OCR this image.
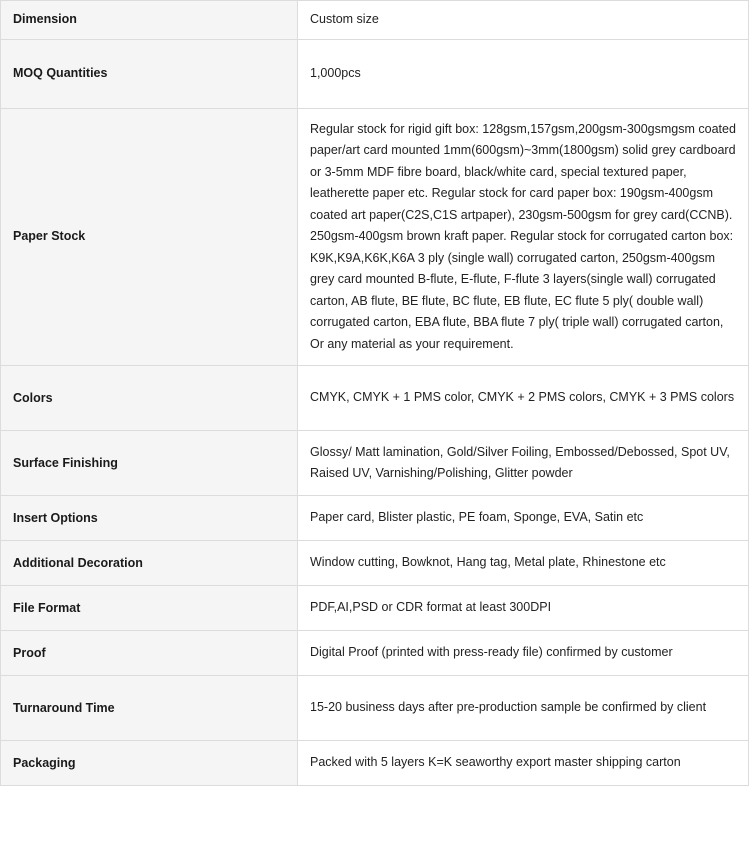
Dimension	Custom size
MOQ Quantities	1,000pcs
Paper Stock	Regular stock for rigid gift box: 128gsm,157gsm,200gsm-300gsmgsm coated paper/art card mounted 1mm(600gsm)~3mm(1800gsm) solid grey cardboard or 3-5mm MDF fibre board, black/white card, special textured paper, leatherette paper etc. Regular stock for card paper box: 190gsm-400gsm coated art paper(C2S,C1S artpaper), 230gsm-500gsm for grey card(CCNB). 250gsm-400gsm brown kraft paper. Regular stock for corrugated carton box: K9K,K9A,K6K,K6A 3 ply (single wall) corrugated carton, 250gsm-400gsm grey card mounted B-flute, E-flute, F-flute 3 layers(single wall) corrugated carton, AB flute, BE flute, BC flute, EB flute, EC flute 5 ply( double wall) corrugated carton, EBA flute, BBA flute 7 ply( triple wall) corrugated carton, Or any material as your requirement.
Colors	CMYK, CMYK + 1 PMS color, CMYK + 2 PMS colors, CMYK + 3 PMS colors
Surface Finishing	Glossy/ Matt lamination, Gold/Silver Foiling, Embossed/Debossed, Spot UV, Raised UV, Varnishing/Polishing, Glitter powder
Insert Options	Paper card, Blister plastic, PE foam, Sponge, EVA, Satin etc
Additional Decoration	Window cutting, Bowknot, Hang tag, Metal plate, Rhinestone etc
File Format	PDF,AI,PSD or CDR format at least 300DPI
Proof	Digital Proof (printed with press-ready file) confirmed by customer
Turnaround Time	15-20 business days after pre-production sample be confirmed by client
Packaging	Packed with 5 layers K=K seaworthy export master shipping carton
